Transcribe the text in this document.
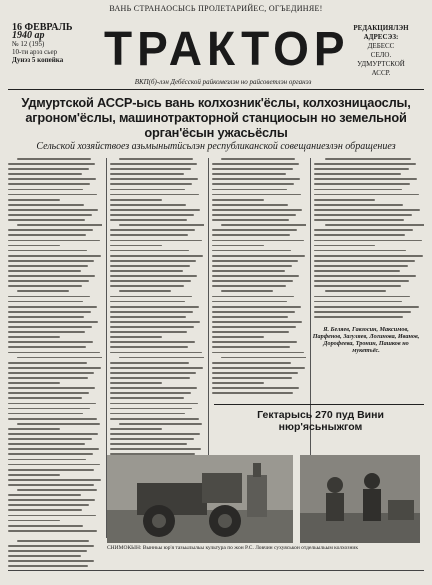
ВАНЬ СТРАНАОСЫСЬ ПРОЛЕТАРИЙЕС, ОГЪЕДИНЯЕ!
16 ФЕВРАЛЬ
1940 ар
№ 12 (195)
10-ти арэз сьер
Дунэз 5 копейка ТРАКТОР РЕДАКЦИЯЛЭН АДРЕСЭЗ:
ДЕБЕСС
СЕЛО.
УДМУРТСКОЙ
АССР.
ВКП(б)-лэн Дебёсской райкомезлэн но райсоветлэн органэз
Удмуртской АССР-ысь вань колхозник'ёслы, колхозницаослы, агроном'ёслы, машинотракторной станциосын но земельной орган'ёсын ужасьёслы
Сельской хозяйствоез азьмынытӥсьлэн республиканской совещаниезлэн обращениез
Я. Беляев, Гавзосин, Максимов, Парфенов, Загуляев, Логинова, Иванов, Дорофеева, Тронин, Пашков но мукетъёс.
Гектарысь 270 пуд Вини нюр'ясьныжгом
СНИМОКЫН: Вынньы юр'я тазьылыльы культура по жон Р.С. Ловчин сухуяськон отдельыльым колхозник
